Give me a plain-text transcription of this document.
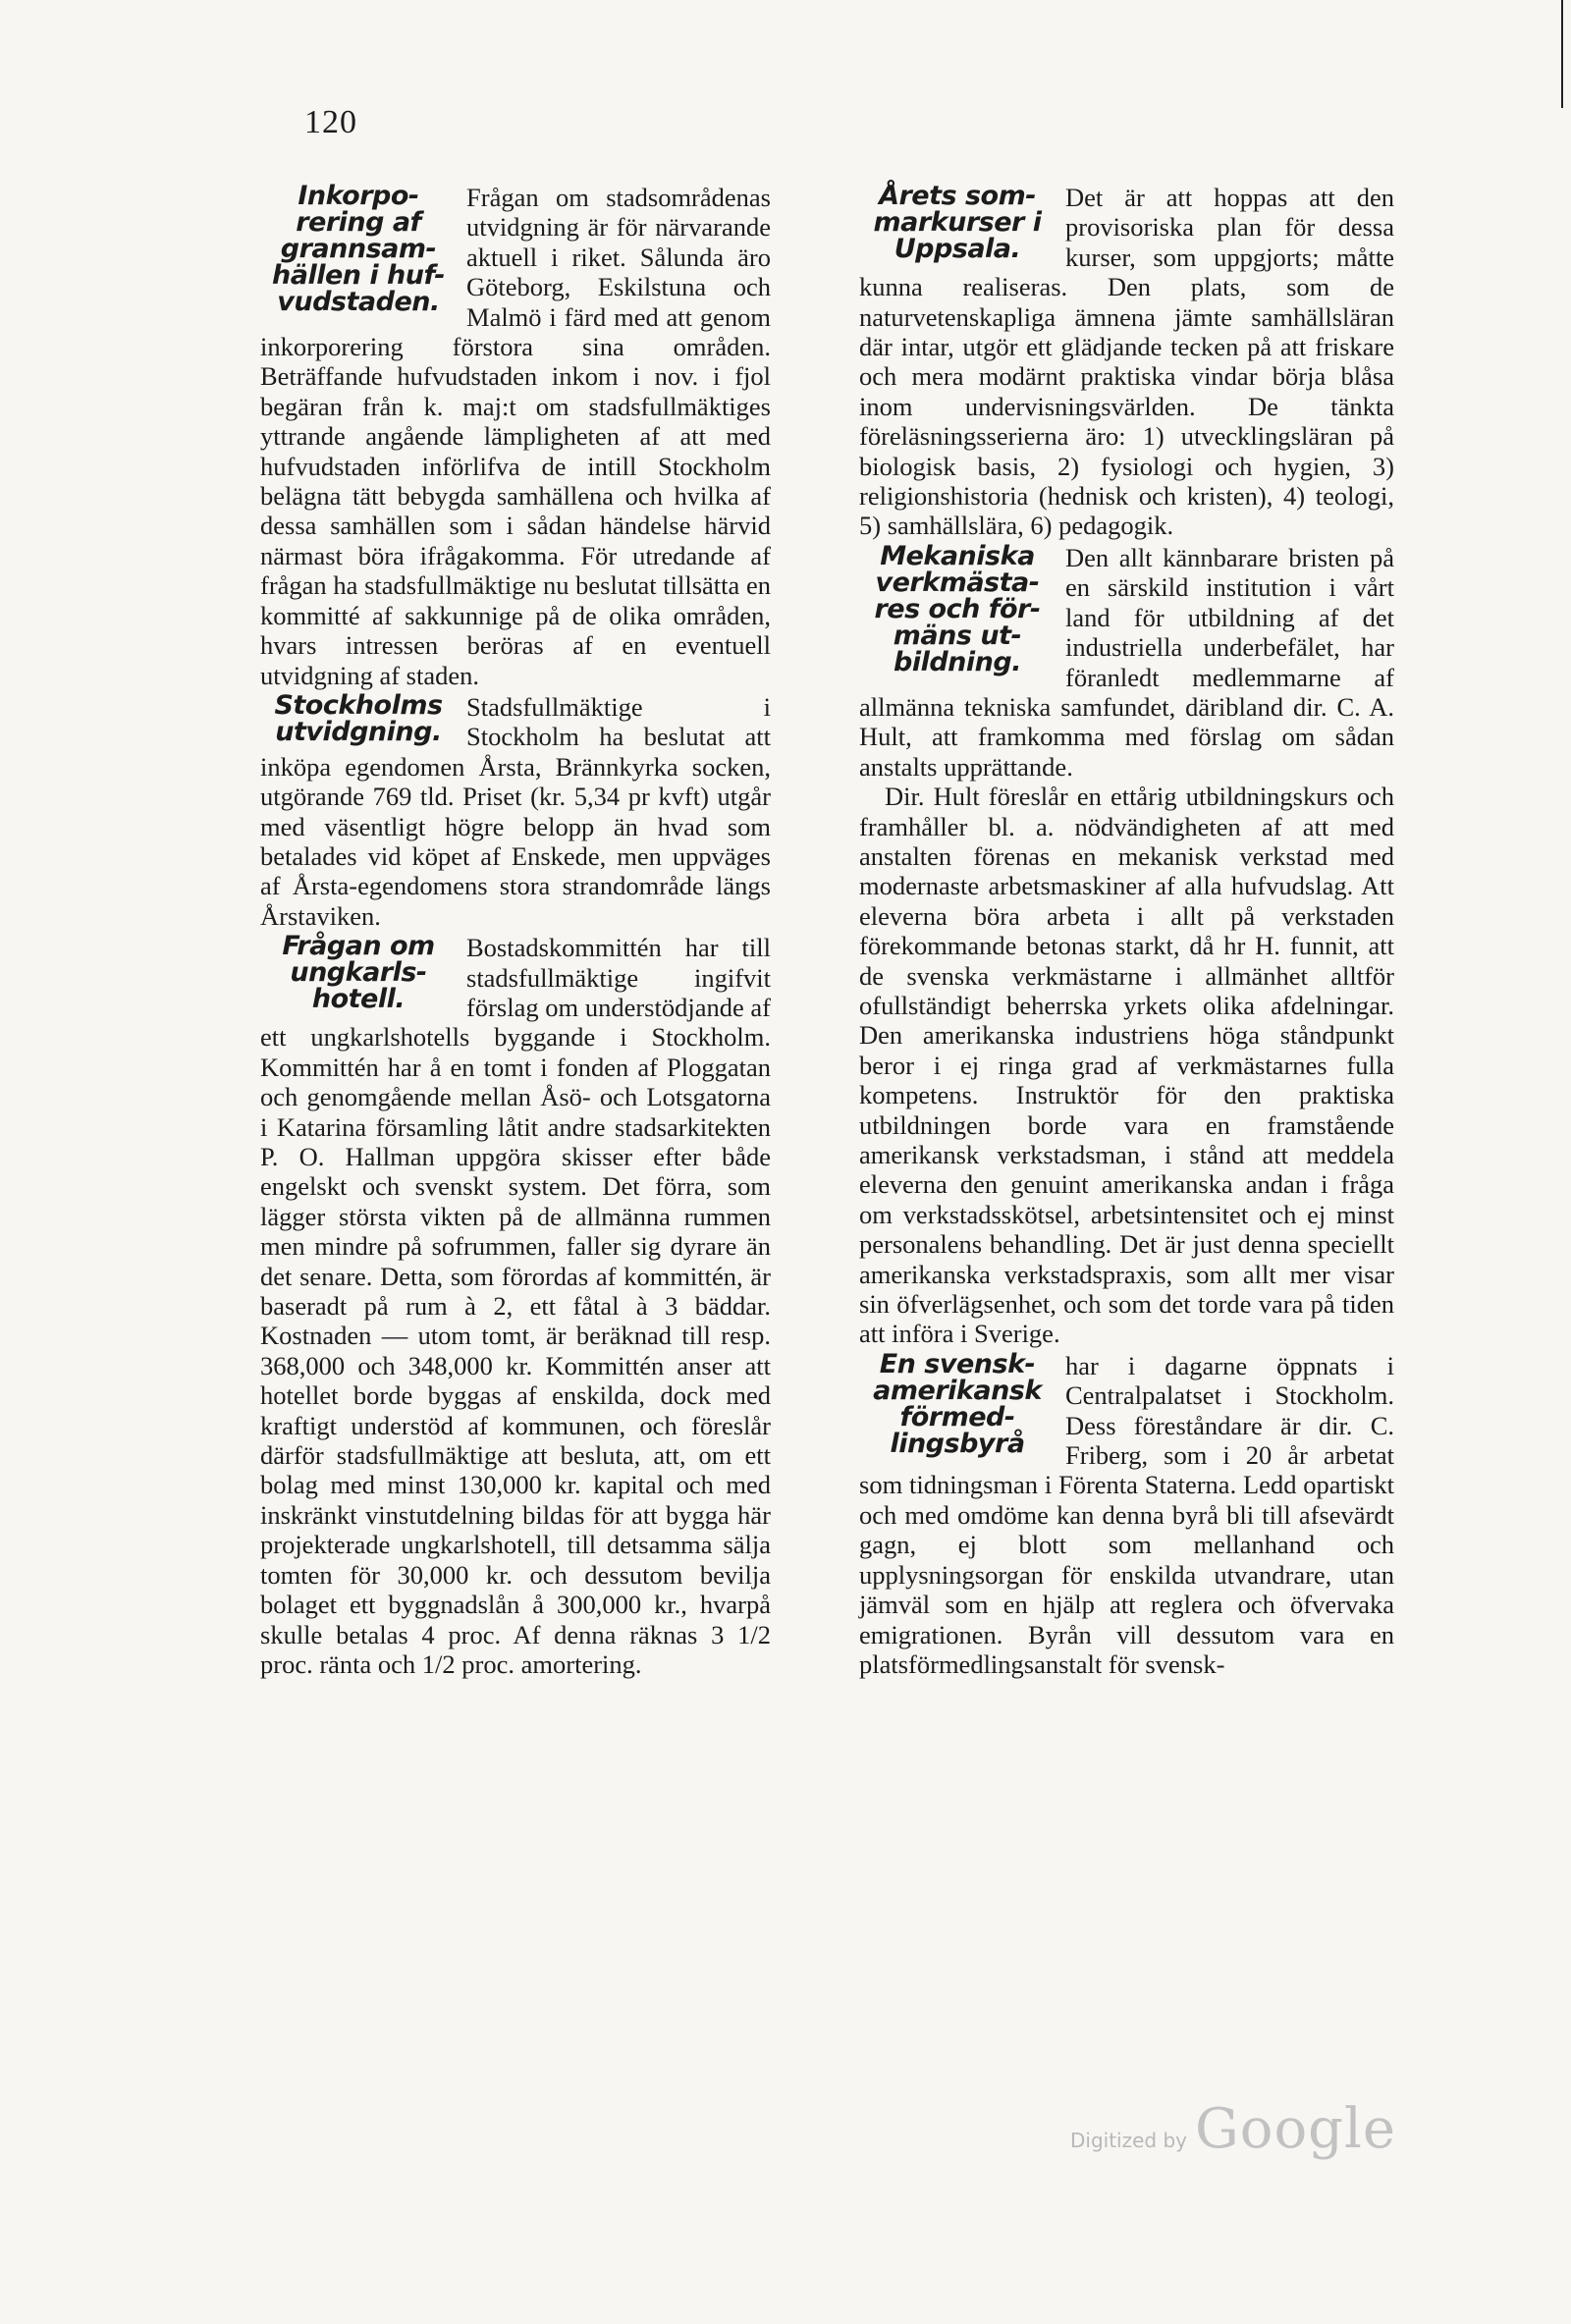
120
Inkorpo-
rering af
grannsam-
hällen i huf-
vudstaden.

Frågan om stadsområdenas utvidgning är för närvarande aktuell i riket. Sålunda äro Göteborg, Eskilstuna och Malmö i färd med att genom inkorporering förstora sina områden. Beträffande hufvudstaden inkom i nov. i fjol begäran från k. maj:t om stadsfullmäktiges yttrande angående lämpligheten af att med hufvudstaden införlifva de intill Stockholm belägna tätt bebygda samhällena och hvilka af dessa samhällen som i sådan händelse härvid närmast böra ifrågakomma. För utredande af frågan ha stadsfullmäktige nu beslutat tillsätta en kommitté af sakkunnige på de olika områden, hvars intressen beröras af en eventuell utvidgning af staden.

Stockholms
utvidgning.

Stadsfullmäktige i Stockholm ha beslutat att inköpa egendomen Årsta, Brännkyrka socken, utgörande 769 tld. Priset (kr. 5,34 pr kvft) utgår med väsentligt högre belopp än hvad som betalades vid köpet af Enskede, men uppväges af Årsta-egendomens stora strandområde längs Årstaviken.

Frågan om
ungkarls-
hotell.

Bostadskommittén har till stadsfullmäktige ingifvit förslag om understödjande af ett ungkarlshotells byggande i Stockholm. Kommittén har å en tomt i fonden af Ploggatan och genomgående mellan Åsö- och Lotsgatorna i Katarina församling låtit andre stadsarkitekten P. O. Hallman uppgöra skisser efter både engelskt och svenskt system. Det förra, som lägger största vikten på de allmänna rummen men mindre på sofrummen, faller sig dyrare än det senare. Detta, som förordas af kommittén, är baseradt på rum à 2, ett fåtal à 3 bäddar. Kostnaden — utom tomt, är beräknad till resp. 368,000 och 348,000 kr. Kommittén anser att hotellet borde byggas af enskilda, dock med kraftigt understöd af kommunen, och föreslår därför stadsfullmäktige att besluta, att, om ett bolag med minst 130,000 kr. kapital och med inskränkt vinstutdelning bildas för att bygga här projekterade ungkarlshotell, till detsamma sälja tomten för 30,000 kr. och dessutom bevilja bolaget ett byggnadslån å 300,000 kr., hvarpå skulle betalas 4 proc. Af denna räknas 3 1/2 proc. ränta och 1/2 proc. amortering.

Årets som-
markurser i
Uppsala.

Det är att hoppas att den provisoriska plan för dessa kurser, som uppgjorts; måtte kunna realiseras. Den plats, som de naturvetenskapliga ämnena jämte samhällsläran där intar, utgör ett glädjande tecken på att friskare och mera modärnt praktiska vindar börja blåsa inom undervisningsvärlden. De tänkta föreläsningsserierna äro: 1) utvecklingsläran på biologisk basis, 2) fysiologi och hygien, 3) religionshistoria (hednisk och kristen), 4) teologi, 5) samhällslära, 6) pedagogik.

Mekaniska
verkmästa-
res och för-
mäns ut-
bildning.

Den allt kännbarare bristen på en särskild institution i vårt land för utbildning af det industriella underbefälet, har föranledt medlemmarne af allmänna tekniska samfundet, däribland dir. C. A. Hult, att framkomma med förslag om sådan anstalts upprättande.

Dir. Hult föreslår en ettårig utbildningskurs och framhåller bl. a. nödvändigheten af att med anstalten förenas en mekanisk verkstad med modernaste arbetsmaskiner af alla hufvudslag. Att eleverna böra arbeta i allt på verkstaden förekommande betonas starkt, då hr H. funnit, att de svenska verkmästarne i allmänhet alltför ofullständigt beherrska yrkets olika afdelningar. Den amerikanska industriens höga ståndpunkt beror i ej ringa grad af verkmästarnes fulla kompetens. Instruktör för den praktiska utbildningen borde vara en framstående amerikansk verkstadsman, i stånd att meddela eleverna den genuint amerikanska andan i fråga om verkstadsskötsel, arbetsintensitet och ej minst personalens behandling. Det är just denna speciellt amerikanska verkstadspraxis, som allt mer visar sin öfverlägsenhet, och som det torde vara på tiden att införa i Sverige.

En svensk-
amerikansk
förmed-
lingsbyrå

har i dagarne öppnats i Centralpalatset i Stockholm. Dess föreståndare är dir. C. Friberg, som i 20 år arbetat som tidningsman i Förenta Staterna. Ledd opartiskt och med omdöme kan denna byrå bli till afsevärdt gagn, ej blott som mellanhand och upplysningsorgan för enskilda utvandrare, utan jämväl som en hjälp att reglera och öfvervaka emigrationen. Byrån vill dessutom vara en platsförmedlingsanstalt för svensk-

Digitized by Google
